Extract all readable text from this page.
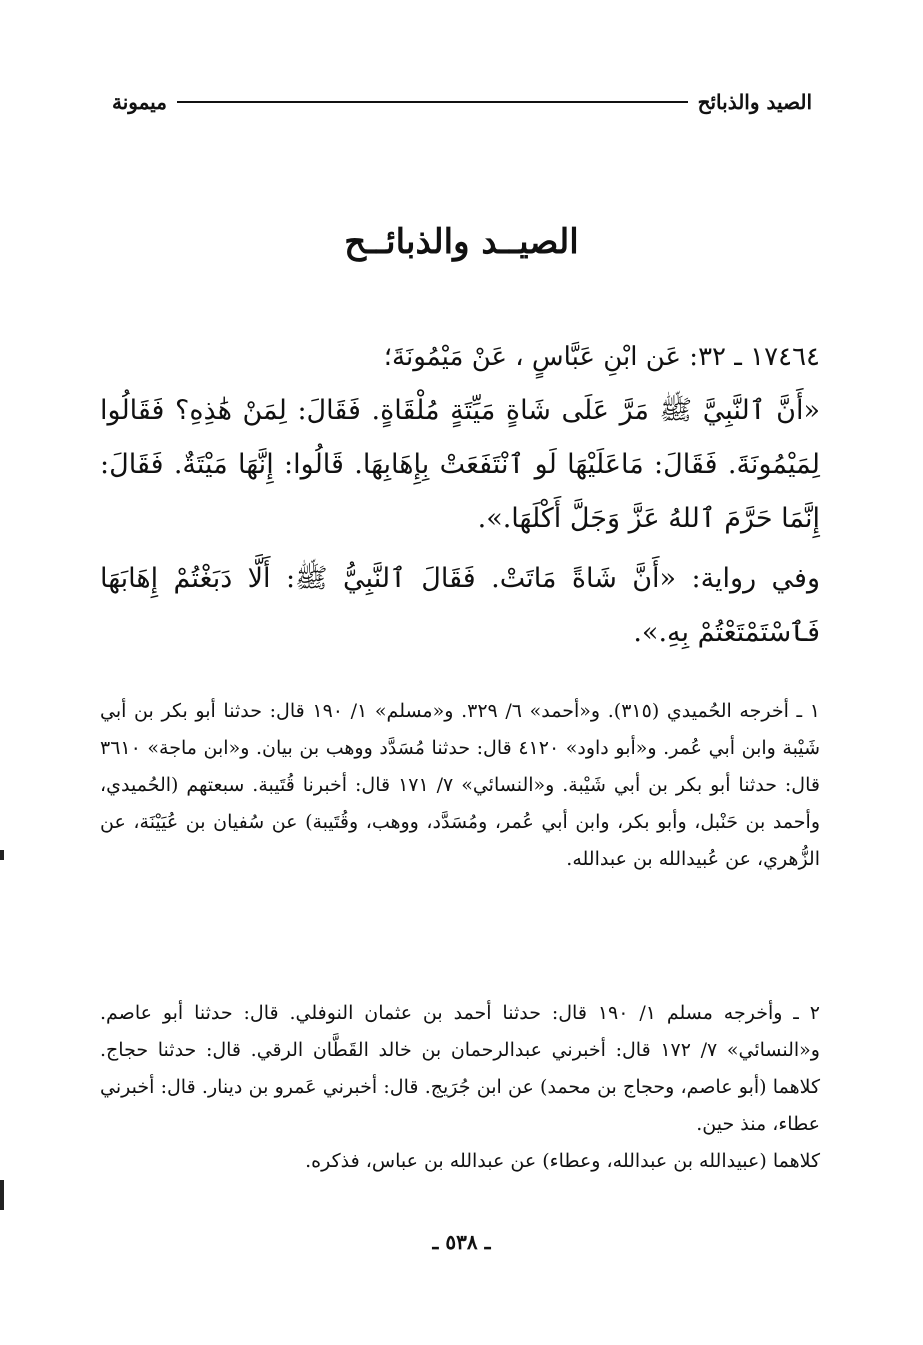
الصيد والذبائح
ميمونة
الصيــد والذبائــح

١٧٤٦٤ ـ ٣٢: عَن ابْنِ عَبَّاسٍ ، عَنْ مَيْمُونَةَ؛

«أَنَّ ٱلنَّبِيَّ ﷺ مَرَّ عَلَى شَاةٍ مَيِّتَةٍ مُلْقَاةٍ. فَقَالَ: لِمَنْ هَٰذِهِ؟ فَقَالُوا لِمَيْمُونَةَ. فَقَالَ: مَاعَلَيْهَا لَو ٱنْتَفَعَتْ بِإِهَابِهَا. قَالُوا: إِنَّهَا مَيْتَةٌ. فَقَالَ: إِنَّمَا حَرَّمَ ٱللهُ عَزَّ وَجَلَّ أَكْلَهَا.».

وفي رواية: «أَنَّ شَاةً مَاتَتْ. فَقَالَ ٱلنَّبِيُّ ﷺ: أَلَّا دَبَغْتُمْ إِهَابَهَا فَٱسْتَمْتَعْتُمْ بِهِ.».

١ ـ أخرجه الحُميدي (٣١٥). و«أحمد» ٦/ ٣٢٩. و«مسلم» ١/ ١٩٠ قال: حدثنا أبو بكر بن أبي شَيْبة وابن أبي عُمر. و«أبو داود» ٤١٢٠ قال: حدثنا مُسَدَّد ووهب بن بيان. و«ابن ماجة» ٣٦١٠ قال: حدثنا أبو بكر بن أبي شَيْبة. و«النسائي» ٧/ ١٧١ قال: أخبرنا قُتَيبة. سبعتهم (الحُميدي، وأحمد بن حَنْبل، وأبو بكر، وابن أبي عُمر، ومُسَدَّد، ووهب، وقُتَيبة) عن سُفيان بن عُيَيْنَة، عن الزُّهري، عن عُبيدالله بن عبدالله.

٢ ـ وأخرجه مسلم ١/ ١٩٠ قال: حدثنا أحمد بن عثمان النوفلي. قال: حدثنا أبو عاصم. و«النسائي» ٧/ ١٧٢ قال: أخبرني عبدالرحمان بن خالد القَطَّان الرقي. قال: حدثنا حجاج. كلاهما (أبو عاصم، وحجاج بن محمد) عن ابن جُرَيج. قال: أخبرني عَمرو بن دينار. قال: أخبرني عطاء، منذ حين.

كلاهما (عبيدالله بن عبدالله، وعطاء) عن عبدالله بن عباس، فذكره.

ـ ٥٣٨ ـ
